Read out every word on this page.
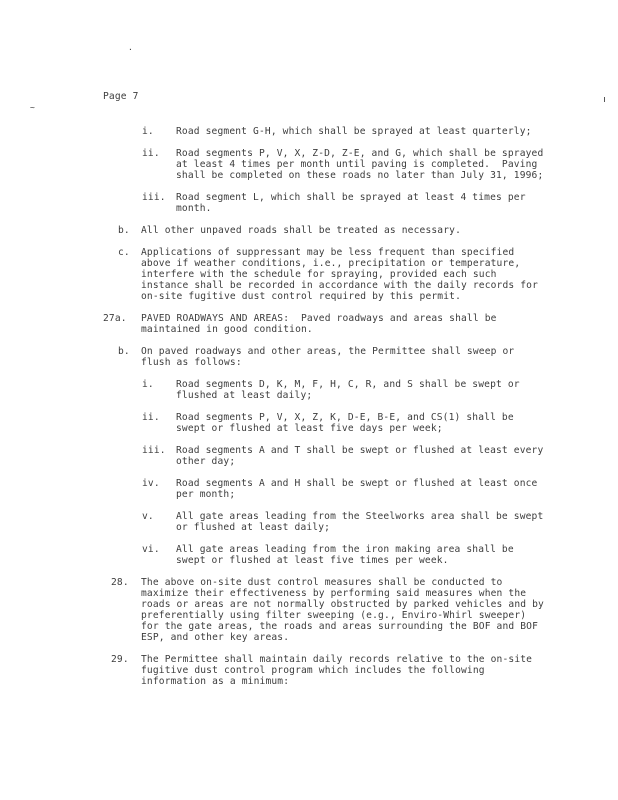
.
~
Page 7
i. Road segment G-H, which shall be sprayed at least quarterly;
ii. Road segments P, V, X, Z-D, Z-E, and G, which shall be sprayed
at least 4 times per month until paving is completed.  Paving
shall be completed on these roads no later than July 31, 1996;
iii. Road segment L, which shall be sprayed at least 4 times per
month.
b. All other unpaved roads shall be treated as necessary.
c. Applications of suppressant may be less frequent than specified
above if weather conditions, i.e., precipitation or temperature,
interfere with the schedule for spraying, provided each such
instance shall be recorded in accordance with the daily records for
on-site fugitive dust control required by this permit.
27a. PAVED ROADWAYS AND AREAS:  Paved roadways and areas shall be
maintained in good condition.
b. On paved roadways and other areas, the Permittee shall sweep or
flush as follows:
i. Road segments D, K, M, F, H, C, R, and S shall be swept or
flushed at least daily;
ii. Road segments P, V, X, Z, K, D-E, B-E, and CS(1) shall be
swept or flushed at least five days per week;
iii. Road segments A and T shall be swept or flushed at least every
other day;
iv. Road segments A and H shall be swept or flushed at least once
per month;
v. All gate areas leading from the Steelworks area shall be swept
or flushed at least daily;
vi. All gate areas leading from the iron making area shall be
swept or flushed at least five times per week.
28. The above on-site dust control measures shall be conducted to
maximize their effectiveness by performing said measures when the
roads or areas are not normally obstructed by parked vehicles and by
preferentially using filter sweeping (e.g., Enviro-Whirl sweeper)
for the gate areas, the roads and areas surrounding the BOF and BOF
ESP, and other key areas.
29. The Permittee shall maintain daily records relative to the on-site
fugitive dust control program which includes the following
information as a minimum:
